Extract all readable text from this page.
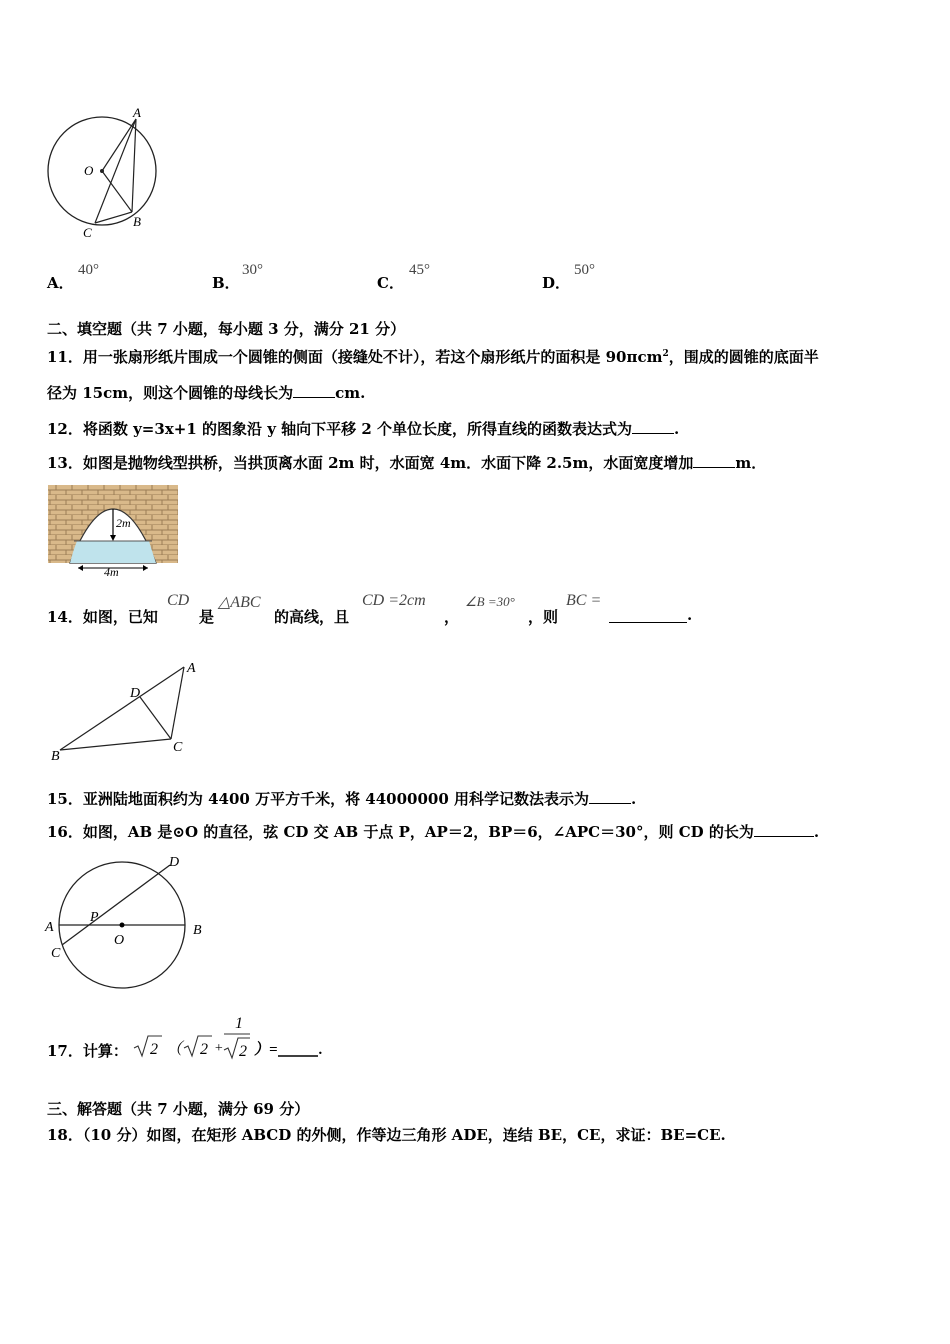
A
O
C
B
A．
40°
B．
30°
C．
45°
D．
50°
二、填空题（共 7 小题，每小题 3 分，满分 21 分）
11．用一张扇形纸片围成一个圆锥的侧面（接缝处不计），若这个扇形纸片的面积是 90πcm$^2$，围成的圆锥的底面半
径为 15cm，则这个圆锥的母线长为	cm.
12．将函数 y=3x+1 的图象沿 y 轴向下平移 2 个单位长度，所得直线的函数表达式为	.
13．如图是抛物线型拱桥，当拱顶离水面 2m 时，水面宽 4m．水面下降 2.5m，水面宽度增加	m．
2m
4m
14．如图，已知
CD
是
△ABC
的高线，且
CD =2cm
，
∠B =30°
，则
BC =
.
A
D
B
C
15．亚洲陆地面积约为 4400 万平方千米，将 44000000 用科学记数法表示为	.
16．如图，AB 是⊙O 的直径，弦 CD 交 AB 于点 P，AP＝2，BP＝6，∠APC＝30°，则 CD 的长为	.
D
P
A
O
B
C
17．计算： 2 （ 2 +
1
2 ）=	.
三、解答题（共 7 小题，满分 69 分）
18．（10 分）如图，在矩形 ABCD 的外侧，作等边三角形 ADE，连结 BE，CE，求证：BE=CE.
